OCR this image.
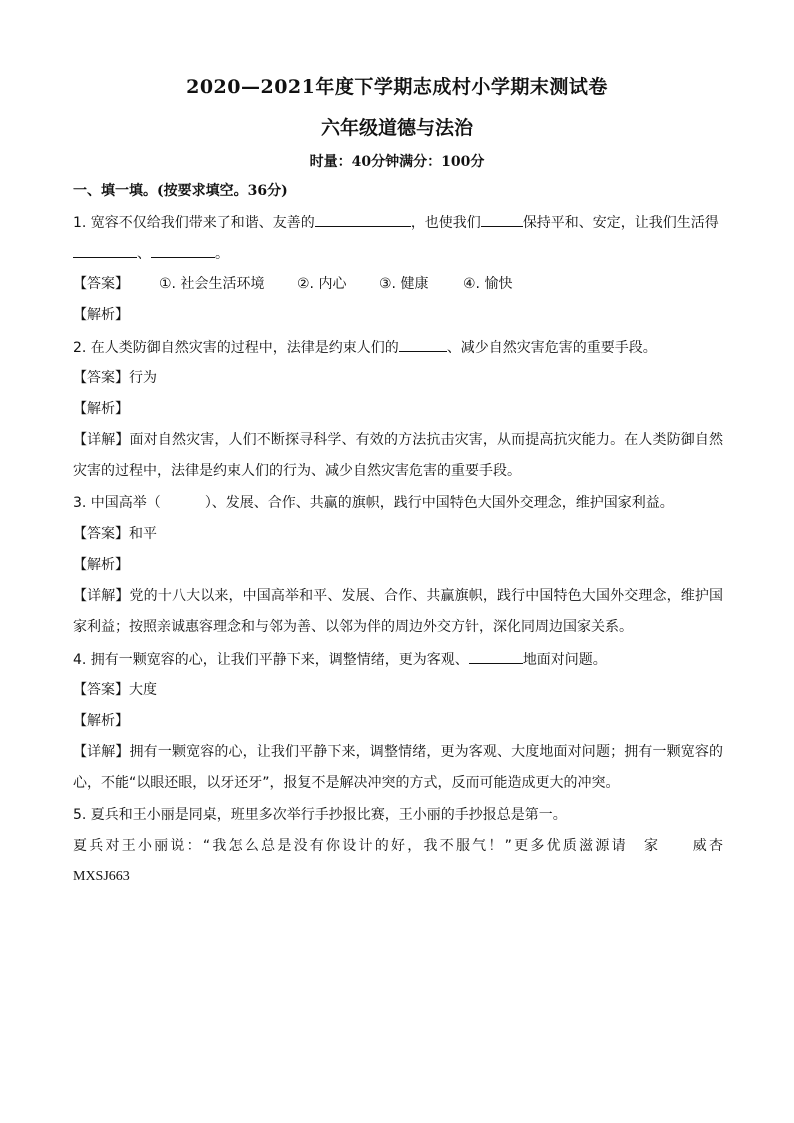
2020—2021年度下学期志成村小学期末测试卷
六年级道德与法治
时量：40分钟满分：100分
一、填一填。(按要求填空。36分)
1. 宽容不仅给我们带来了和谐、友善的	，也使我们	保持平和、安定，让我们生活得
、	。
【答案】 ①. 社会生活环境 ②. 内心 ③. 健康 ④. 愉快
【解析】
2. 在人类防御自然灾害的过程中，法律是约束人们的	、减少自然灾害危害的重要手段。
【答案】行为
【解析】
【详解】面对自然灾害，人们不断探寻科学、有效的方法抗击灾害，从而提高抗灾能力。在人类防御自然
灾害的过程中，法律是约束人们的行为、减少自然灾害危害的重要手段。
3. 中国高举（	）、发展、合作、共赢的旗帜，践行中国特色大国外交理念，维护国家利益。
【答案】和平
【解析】
【详解】党的十八大以来，中国高举和平、发展、合作、共赢旗帜，践行中国特色大国外交理念，维护国
家利益；按照亲诚惠容理念和与邻为善、以邻为伴的周边外交方针，深化同周边国家关系。
4. 拥有一颗宽容的心，让我们平静下来，调整情绪，更为客观、	地面对问题。
【答案】大度
【解析】
【详解】拥有一颗宽容的心，让我们平静下来，调整情绪，更为客观、大度地面对问题；拥有一颗宽容的
心，不能“以眼还眼，以牙还牙”，报复不是解决冲突的方式，反而可能造成更大的冲突。
5. 夏兵和王小丽是同桌，班里多次举行手抄报比赛，王小丽的手抄报总是第一。
夏兵对王小丽说：“我怎么总是没有你设计的好，我不服气！”更多优质滋源请　家　　威杏
MXSJ663
